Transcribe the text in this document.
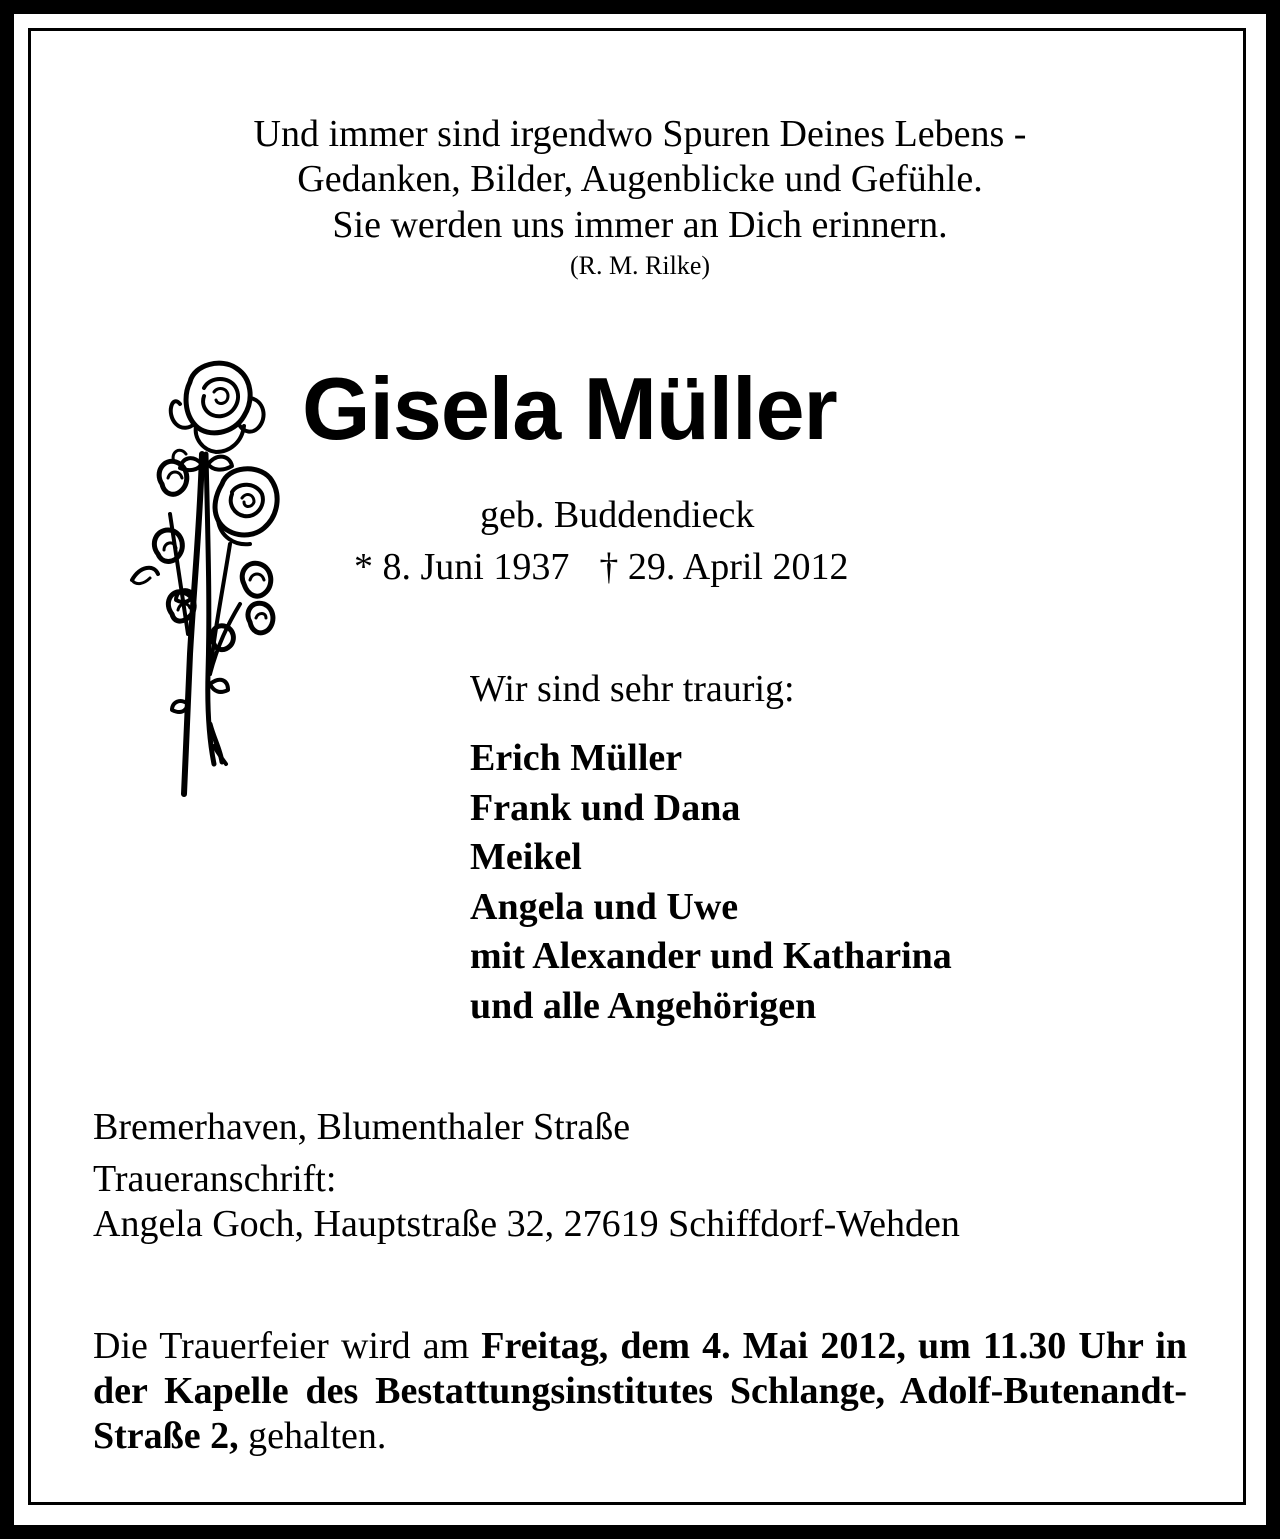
Und immer sind irgendwo Spuren Deines Lebens -
Gedanken, Bilder, Augenblicke und Gefühle.
Sie werden uns immer an Dich erinnern.
(R. M. Rilke)
Gisela Müller
geb. Buddendieck
* 8. Juni 1937 † 29. April 2012
Wir sind sehr traurig:
Erich Müller
Frank und Dana
Meikel
Angela und Uwe
mit Alexander und Katharina
und alle Angehörigen
Bremerhaven, Blumenthaler Straße
Traueranschrift:
Angela Goch, Hauptstraße 32, 27619 Schiffdorf-Wehden
Die Trauerfeier wird am Freitag, dem 4. Mai 2012, um 11.30 Uhr in der Kapelle des Bestattungsinstitutes Schlange, Adolf-Butenandt-Straße 2, gehalten.
